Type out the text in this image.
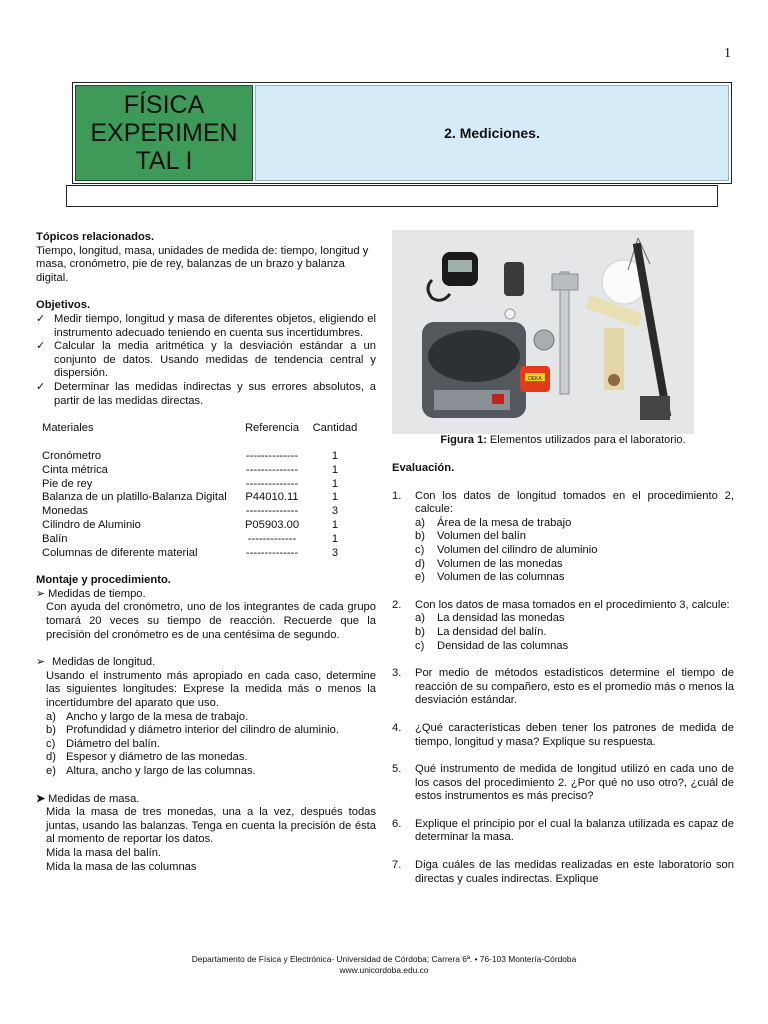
1
FÍSICA
EXPERIMEN
TAL I
2. Mediciones.
Tópicos relacionados.

Tiempo, longitud, masa, unidades de medida de: tiempo, longitud y masa, cronómetro, pie de rey, balanzas de un brazo y balanza digital.

Objetivos.
✓ Medir tiempo, longitud y masa de diferentes objetos, eligiendo el instrumento adecuado teniendo en cuenta sus incertidumbres.
✓ Calcular la media aritmética y la desviación estándar a un conjunto de datos. Usando medidas de tendencia central y dispersión.
✓ Determinar las medidas indirectas y sus errores absolutos, a partir de las medidas directas.
Materiales	Referencia	Cantidad

Cronómetro	--------------	1
Cinta métrica	--------------	1
Pie de rey	--------------	1
Balanza de un platillo-Balanza Digital	P44010.11	1
Monedas	--------------	3
Cilindro de Aluminio	P05903.00	1
Balín	-------------	1
Columnas de diferente material	--------------	3
Montaje y procedimiento.
➢ Medidas de tiempo.

Con ayuda del cronómetro, uno de los integrantes de cada grupo tomará 20 veces su tiempo de reacción. Recuerde que la precisión del cronómetro es de una centésima de segundo.

➢ Medidas de longitud.

Usando el instrumento más apropiado en cada caso, determine las siguientes longitudes: Exprese la medida más o menos la incertidumbre del aparato que uso.

a) Ancho y largo de la mesa de trabajo.
b) Profundidad y diámetro interior del cilindro de aluminio.
c) Diámetro del balín.
d) Espesor y diámetro de las monedas.
e) Altura, ancho y largo de las columnas.
➤ Medidas de masa.

Mida la masa de tres monedas, una a la vez, después todas juntas, usando las balanzas. Tenga en cuenta la precisión de ésta al momento de reportar los datos.

Mida la masa del balín.

Mida la masa de las columnas

DEKA
Figura 1: Elementos utilizados para el laboratorio.
Evaluación.
1. Con los datos de longitud tomados en el procedimiento 2, calcule:
a) Área de la mesa de trabajo
b) Volumen del balín
c) Volumen del cilindro de aluminio
d) Volumen de las monedas
e) Volumen de las columnas
2. Con los datos de masa tomados en el procedimiento 3, calcule:
a) La densidad las monedas
b) La densidad del balín.
c) Densidad de las columnas
3. Por medio de métodos estadísticos determine el tiempo de reacción de su compañero, esto es el promedio más o menos la desviación estándar.
4. ¿Qué características deben tener los patrones de medida de tiempo, longitud y masa? Explique su respuesta.
5. Qué instrumento de medida de longitud utilizó en cada uno de los casos del procedimiento 2. ¿Por qué no uso otro?, ¿cuál de estos instrumentos es más preciso?
6. Explique el principio por el cual la balanza utilizada es capaz de determinar la masa.
7. Diga cuáles de las medidas realizadas en este laboratorio son directas y cuales indirectas. Explique
Departamento de Física y Electrónica- Universidad de Córdoba; Carrera 6ª. • 76-103 Montería-Córdoba
www.unicordoba.edu.co
